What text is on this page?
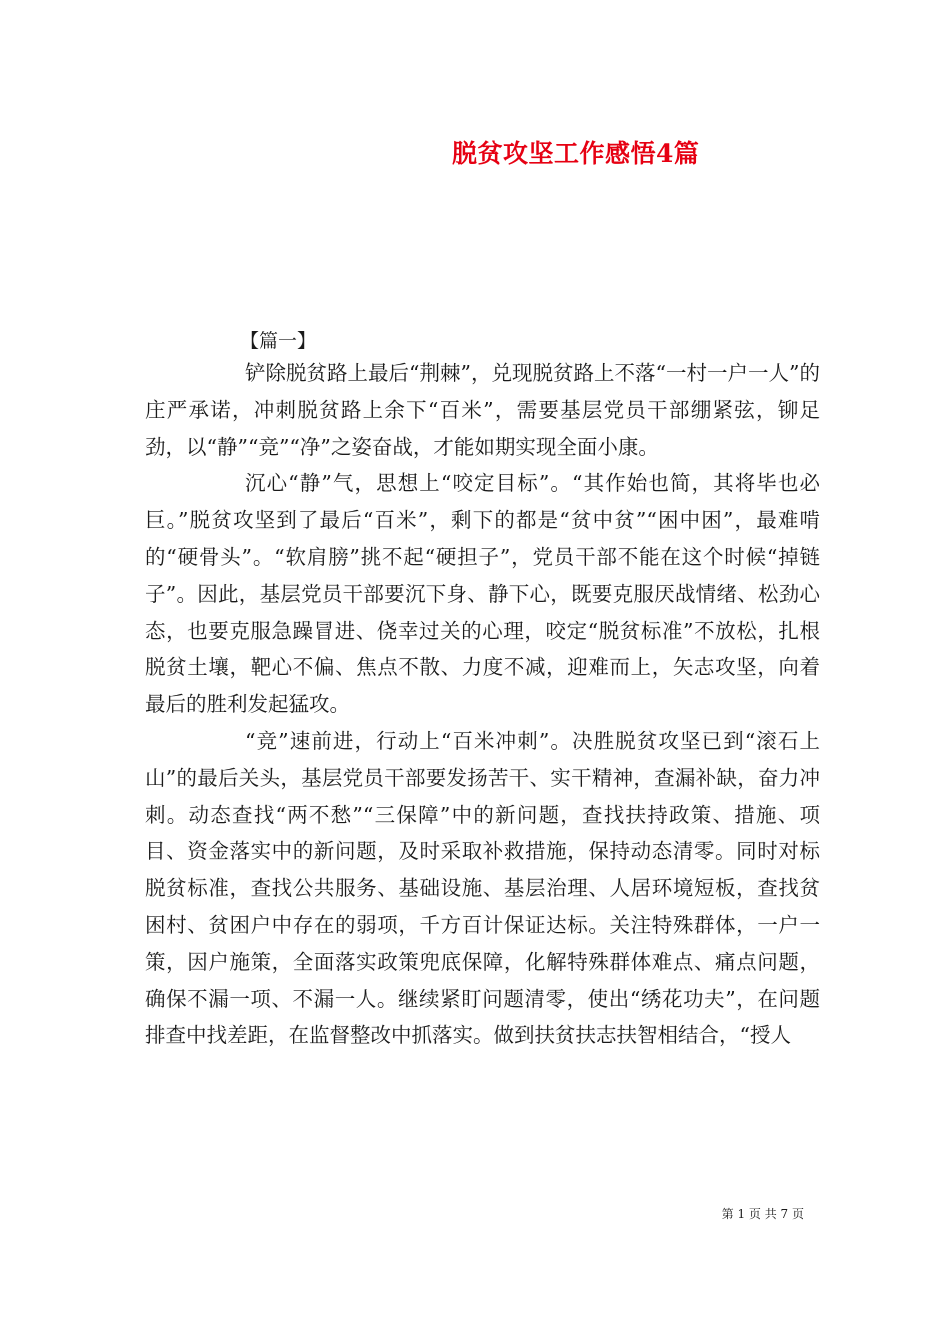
脱贫攻坚工作感悟4篇
【篇一】

铲除脱贫路上最后“荆棘”，兑现脱贫路上不落“一村一户一人”的庄严承诺，冲刺脱贫路上余下“百米”，需要基层党员干部绷紧弦，铆足劲，以“静”“竞”“净”之姿奋战，才能如期实现全面小康。

沉心“静”气，思想上“咬定目标”。“其作始也简，其将毕也必巨。”脱贫攻坚到了最后“百米”，剩下的都是“贫中贫”“困中困”，最难啃的“硬骨头”。“软肩膀”挑不起“硬担子”，党员干部不能在这个时候“掉链子”。因此，基层党员干部要沉下身、静下心，既要克服厌战情绪、松劲心态，也要克服急躁冒进、侥幸过关的心理，咬定“脱贫标准”不放松，扎根脱贫土壤，靶心不偏、焦点不散、力度不减，迎难而上，矢志攻坚，向着最后的胜利发起猛攻。

“竞”速前进，行动上“百米冲刺”。决胜脱贫攻坚已到“滚石上山”的最后关头，基层党员干部要发扬苦干、实干精神，查漏补缺，奋力冲刺。动态查找“两不愁”“三保障”中的新问题，查找扶持政策、措施、项目、资金落实中的新问题，及时采取补救措施，保持动态清零。同时对标脱贫标准，查找公共服务、基础设施、基层治理、人居环境短板，查找贫困村、贫困户中存在的弱项，千方百计保证达标。关注特殊群体，一户一策，因户施策，全面落实政策兜底保障，化解特殊群体难点、痛点问题，确保不漏一项、不漏一人。继续紧盯问题清零，使出“绣花功夫”，在问题排查中找差距，在监督整改中抓落实。做到扶贫扶志扶智相结合，“授人

第 1 页 共 7 页
